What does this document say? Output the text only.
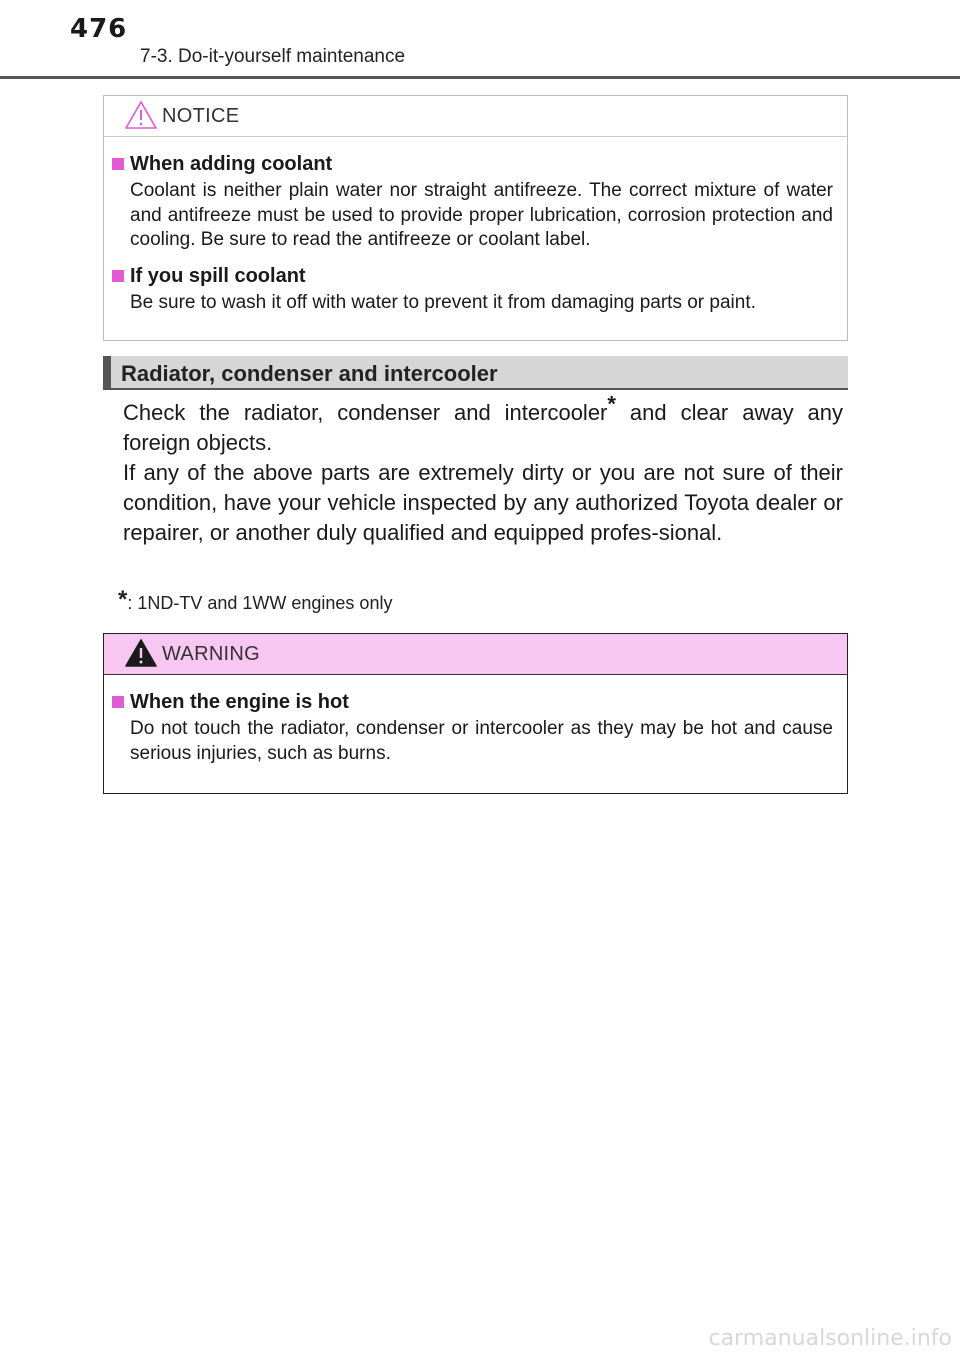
476
7-3. Do-it-yourself maintenance
NOTICE
When adding coolant
Coolant is neither plain water nor straight antifreeze. The correct mixture of water and antifreeze must be used to provide proper lubrication, corrosion protection and cooling. Be sure to read the antifreeze or coolant label.
If you spill coolant
Be sure to wash it off with water to prevent it from damaging parts or paint.
Radiator, condenser and intercooler

Check the radiator, condenser and intercooler* and clear away any foreign objects.

If any of the above parts are extremely dirty or you are not sure of their condition, have your vehicle inspected by any authorized Toyota dealer or repairer, or another duly qualified and equipped profes-sional.

*: 1ND-TV and 1WW engines only
WARNING
When the engine is hot
Do not touch the radiator, condenser or intercooler as they may be hot and cause serious injuries, such as burns.
carmanualsonline.info
